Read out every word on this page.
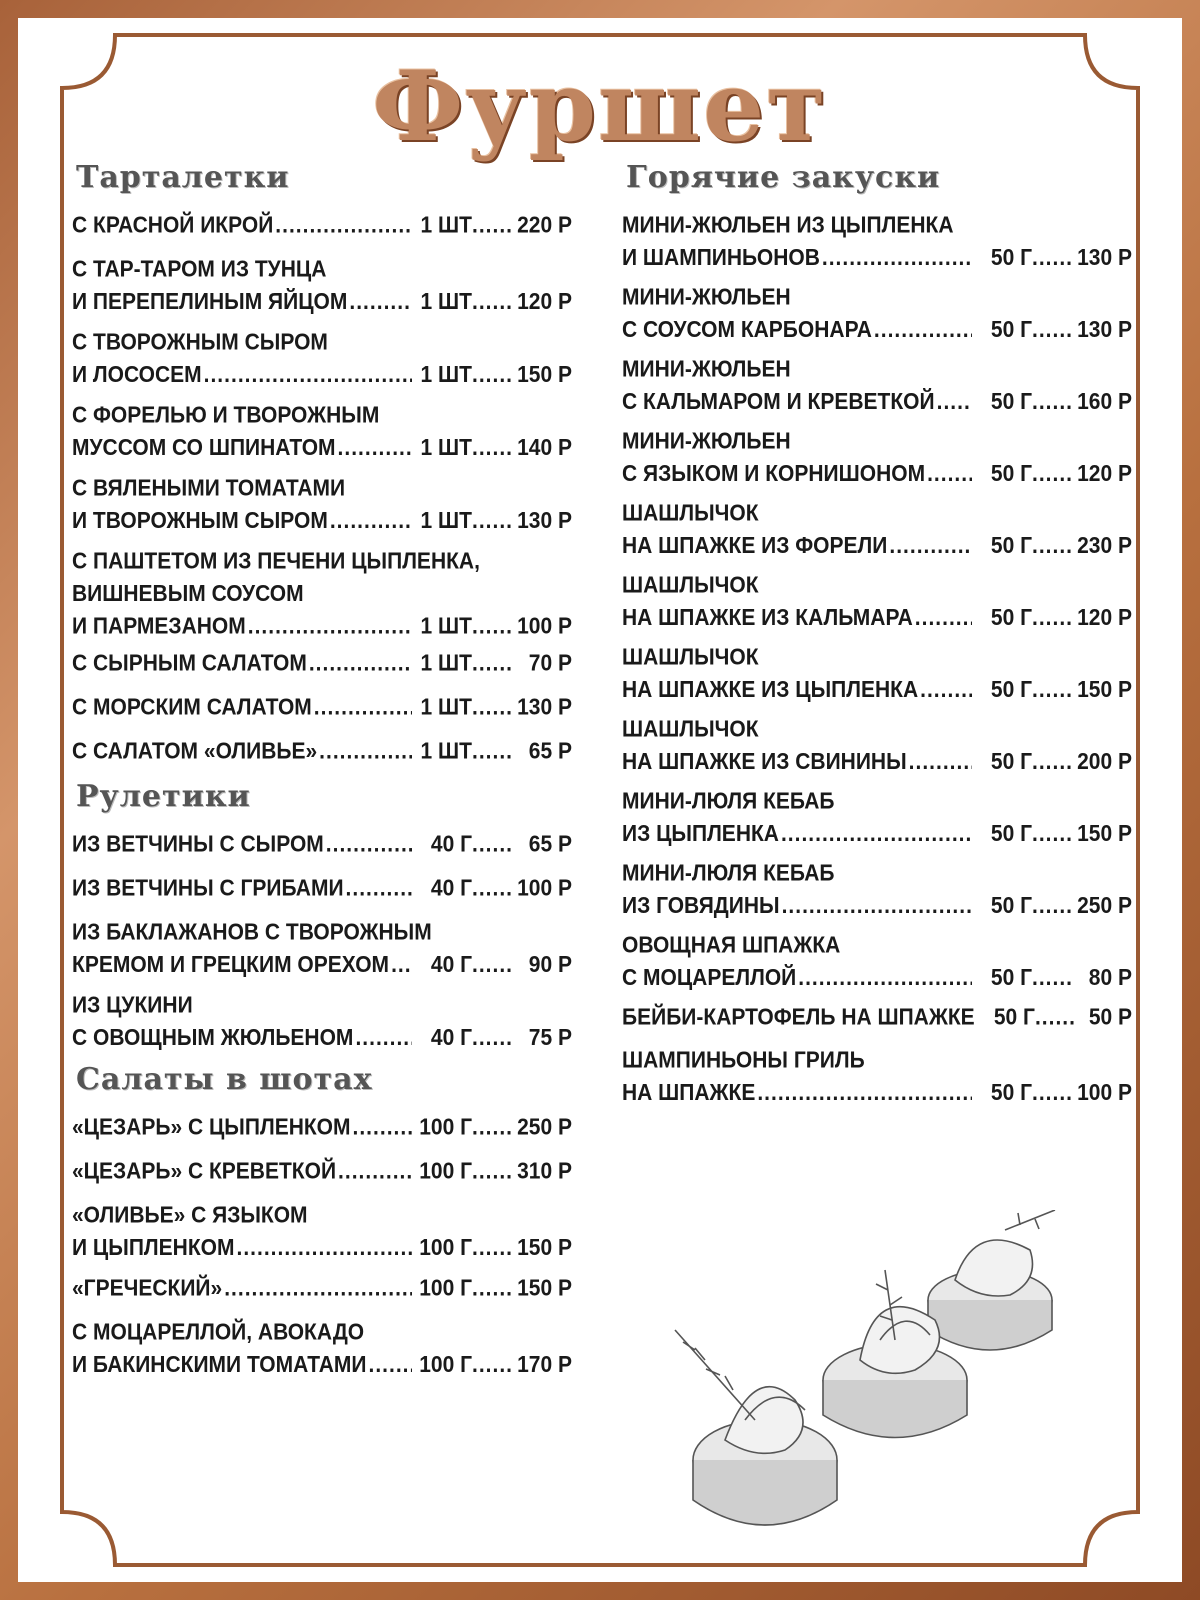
Фуршет
Тарталетки
С КРАСНОЙ ИКРОЙ .....	1 ШТ ..... 220 Р
С ТАР-ТАРОМ ИЗ ТУНЦА
И ПЕРЕПЕЛИНЫМ ЯЙЦОМ .....	1 ШТ ..... 120 Р
С ТВОРОЖНЫМ СЫРОМ
И ЛОСОСЕМ .....	1 ШТ ..... 150 Р
С ФОРЕЛЬЮ И ТВОРОЖНЫМ
МУССОМ СО ШПИНАТОМ .....	1 ШТ ..... 140 Р
С ВЯЛЕНЫМИ ТОМАТАМИ
И ТВОРОЖНЫМ СЫРОМ .....	1 ШТ ..... 130 Р
С ПАШТЕТОМ ИЗ ПЕЧЕНИ ЦЫПЛЕНКА,
ВИШНЕВЫМ СОУСОМ
И ПАРМЕЗАНОМ .....	1 ШТ ..... 100 Р
С СЫРНЫМ САЛАТОМ .....	1 ШТ .....	70 Р
С МОРСКИМ САЛАТОМ .....	1 ШТ ..... 130 Р
С САЛАТОМ «ОЛИВЬЕ» .....	1 ШТ .....	65 Р
Рулетики
ИЗ ВЕТЧИНЫ С СЫРОМ .....	40 Г .....	65 Р
ИЗ ВЕТЧИНЫ С ГРИБАМИ .....	40 Г ..... 100 Р
ИЗ БАКЛАЖАНОВ С ТВОРОЖНЫМ
КРЕМОМ И ГРЕЦКИМ ОРЕХОМ .....	40 Г .....	90 Р
ИЗ ЦУКИНИ
С ОВОЩНЫМ ЖЮЛЬЕНОМ .....	40 Г .....	75 Р
Салаты в шотах
«ЦЕЗАРЬ» С ЦЫПЛЕНКОМ .....	100 Г ..... 250 Р
«ЦЕЗАРЬ» С КРЕВЕТКОЙ .....	100 Г ..... 310 Р
«ОЛИВЬЕ» С ЯЗЫКОМ
И ЦЫПЛЕНКОМ .....	100 Г ..... 150 Р
«ГРЕЧЕСКИЙ» .....	100 Г ..... 150 Р
С МОЦАРЕЛЛОЙ, АВОКАДО
И БАКИНСКИМИ ТОМАТАМИ .....	100 Г ..... 170 Р
Горячие закуски
МИНИ-ЖЮЛЬЕН ИЗ ЦЫПЛЕНКА
И ШАМПИНЬОНОВ .....	50 Г ..... 130 Р
МИНИ-ЖЮЛЬЕН
С СОУСОМ КАРБОНАРА .....	50 Г ..... 130 Р
МИНИ-ЖЮЛЬЕН
С КАЛЬМАРОМ И КРЕВЕТКОЙ .....	50 Г ..... 160 Р
МИНИ-ЖЮЛЬЕН
С ЯЗЫКОМ И КОРНИШОНОМ .....	50 Г ..... 120 Р
ШАШЛЫЧОК
НА ШПАЖКЕ ИЗ ФОРЕЛИ .....	50 Г ..... 230 Р
ШАШЛЫЧОК
НА ШПАЖКЕ ИЗ КАЛЬМАРА .....	50 Г ..... 120 Р
ШАШЛЫЧОК
НА ШПАЖКЕ ИЗ ЦЫПЛЕНКА .....	50 Г ..... 150 Р
ШАШЛЫЧОК
НА ШПАЖКЕ ИЗ СВИНИНЫ .....	50 Г ..... 200 Р
МИНИ-ЛЮЛЯ КЕБАБ
ИЗ ЦЫПЛЕНКА .....	50 Г ..... 150 Р
МИНИ-ЛЮЛЯ КЕБАБ
ИЗ ГОВЯДИНЫ .....	50 Г ..... 250 Р
ОВОЩНАЯ ШПАЖКА
С МОЦАРЕЛЛОЙ .....	50 Г .....	80 Р
БЕЙБИ-КАРТОФЕЛЬ НА ШПАЖКЕ 50 Г .....	50 Р
ШАМПИНЬОНЫ ГРИЛЬ
НА ШПАЖКЕ .....	50 Г ..... 100 Р
